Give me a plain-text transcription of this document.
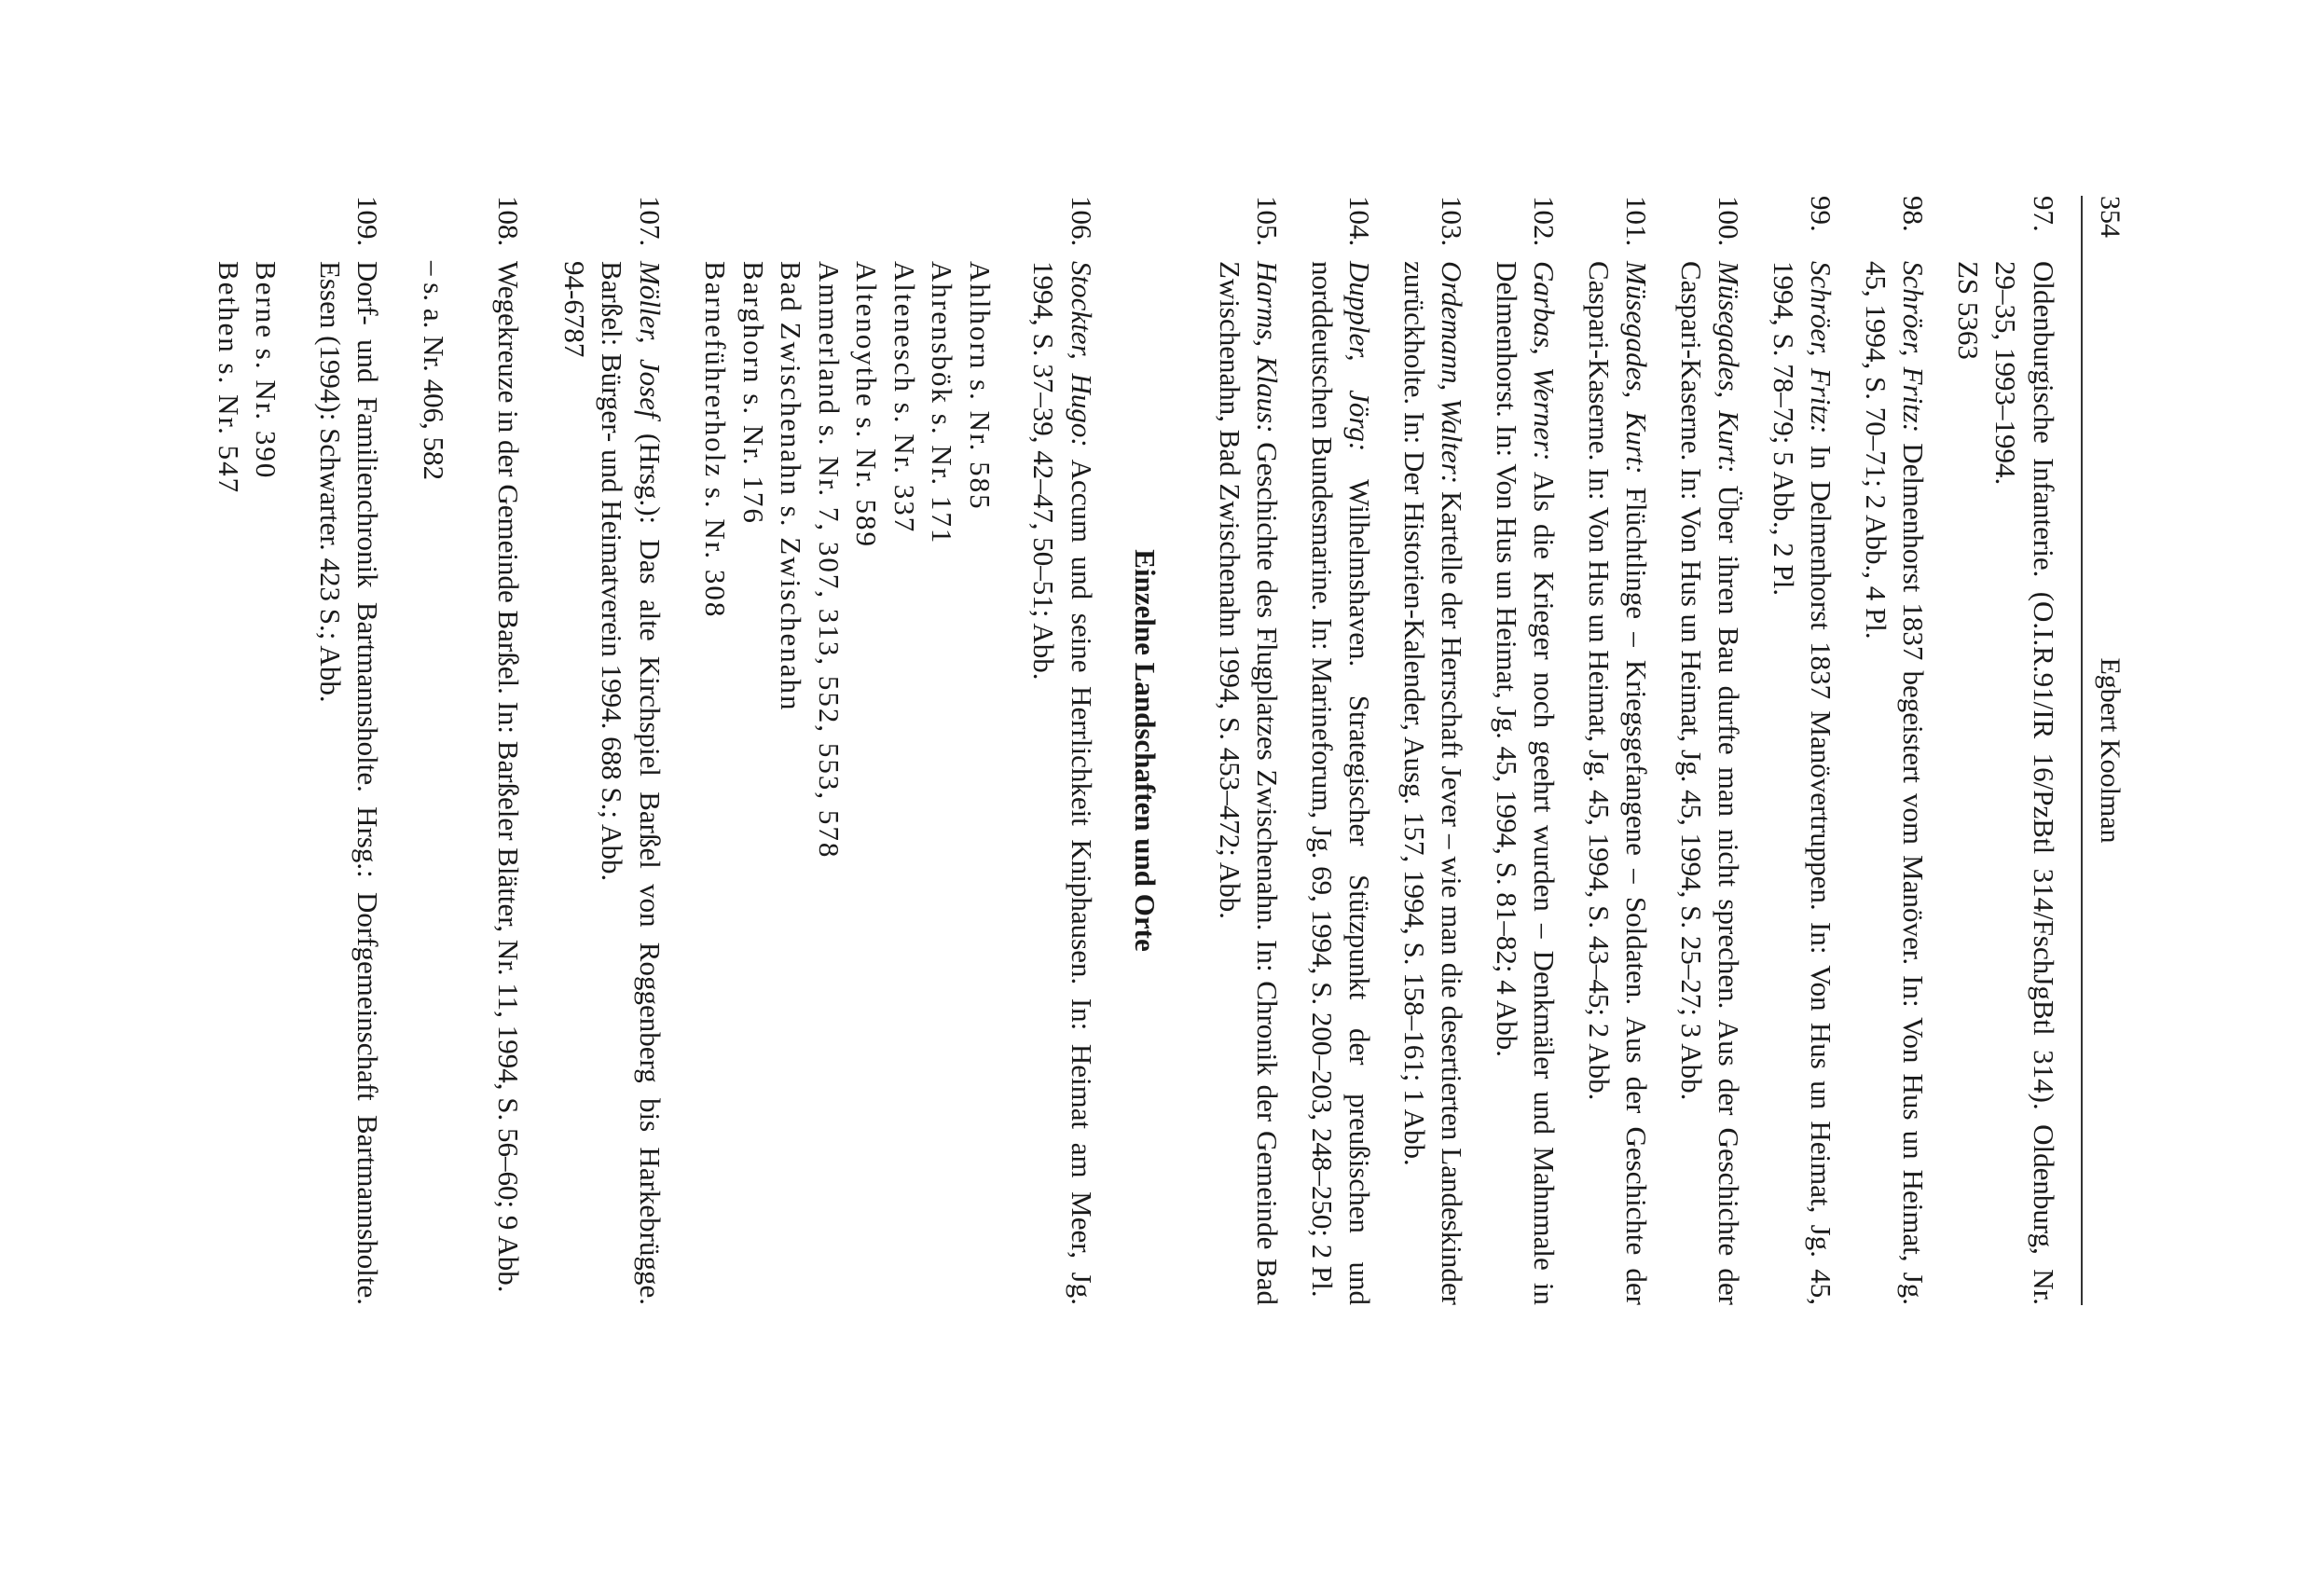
354
Egbert Koolman
97.
Oldenburgische Infanterie. (O.I.R.91/IR 16/PzBtl 314/FschJgBtl 314). Oldenburg, Nr. 29–35, 1993–1994.
ZS 5363
98.
Schröer, Fritz: Delmenhorst 1837 begeistert vom Manöver. In: Von Hus un Heimat, Jg. 45, 1994, S. 70–71; 2 Abb., 4 Pl.
99.
Schröer, Fritz: In Delmenhorst 1837 Manövertruppen. In: Von Hus un Heimat, Jg. 45, 1994, S. 78–79; 5 Abb., 2 Pl.
100.
Müsegades, Kurt: Über ihren Bau durfte man nicht sprechen. Aus der Geschichte der Caspari-Kaserne. In: Von Hus un Heimat, Jg. 45, 1994, S. 25–27; 3 Abb.
101.
Müsegades, Kurt: Flüchtlinge – Kriegsgefangene – Soldaten. Aus der Geschichte der Caspari-Kaserne. In: Von Hus un Heimat, Jg. 45, 1994, S. 43–45; 2 Abb.
102.
Garbas, Werner: Als die Krieger noch geehrt wurden – Denkmäler und Mahnmale in Delmenhorst. In: Von Hus un Heimat, Jg. 45, 1994, S. 81–82; 4 Abb.
103.
Ordemann, Walter: Kartelle der Herrschaft Jever – wie man die desertierten Landeskinder zurückholte. In: Der Historien-Kalender, Ausg. 157, 1994, S. 158–161; 1 Abb.
104.
Duppler, Jörg: Wilhelmshaven. Strategischer Stützpunkt der preußischen und norddeutschen Bundesmarine. In: Marineforum, Jg. 69, 1994, S. 200–203, 248–250; 2 Pl.
105.
Harms, Klaus: Geschichte des Flugplatzes Zwischenahn. In: Chronik der Gemeinde Bad Zwischenahn, Bad Zwischenahn 1994, S. 453–472; Abb.
Einzelne Landschaften und Orte
106.
Stockter, Hugo: Accum und seine Herrlichkeit Kniphausen. In: Heimat am Meer, Jg. 1994, S. 37–39, 42–47, 50–51; Abb.
Ahlhorn s. Nr. 585
Ahrensbök s. Nr. 171
Altenesch s. Nr. 337
Altenoythe s. Nr. 589
Ammerland s. Nr. 7, 307, 313, 552, 553, 578
Bad Zwischenahn s. Zwischenahn
Barghorn s. Nr. 176
Barneführerholz s. Nr. 308
107.
Möller, Josef (Hrsg.): Das alte Kirchspiel Barßel von Roggenberg bis Harkebrügge. Barßel: Bürger- und Heimatverein 1994. 688 S.; Abb.
94-6787
108.
Wegekreuze in der Gemeinde Barßel. In: Barßeler Blätter, Nr. 11, 1994, S. 56–60; 9 Abb.
– s. a. Nr. 406, 582
109.
Dorf- und Familienchronik Bartmannsholte. Hrsg.: Dorfgemeinschaft Bartmannsholte. Essen (1994): Schwarter. 423 S.; Abb.
Berne s. Nr. 390
Bethen s. Nr. 547
